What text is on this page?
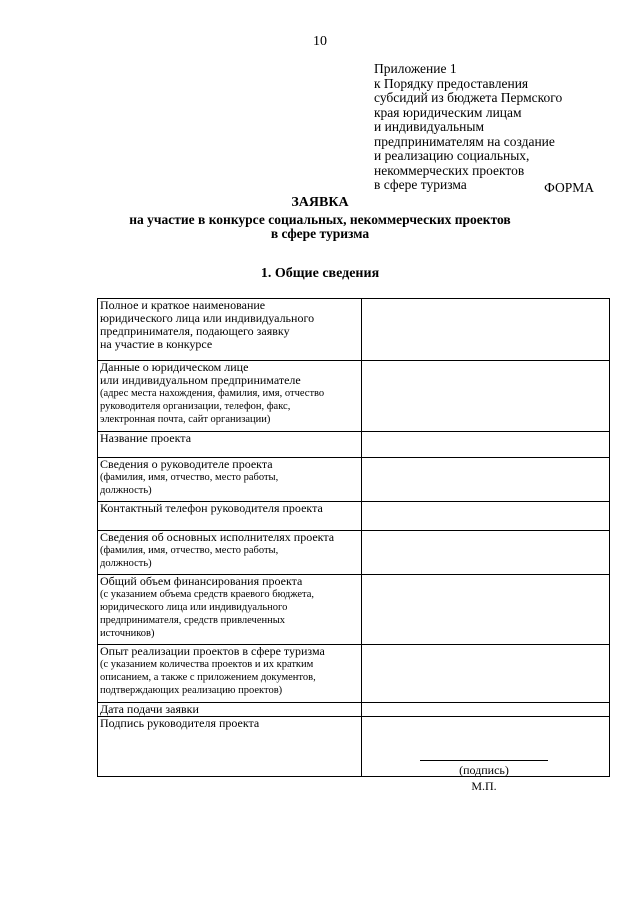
10
Приложение 1
к Порядку предоставления
субсидий из бюджета Пермского
края юридическим лицам
и индивидуальным
предпринимателям на создание
и реализацию социальных,
некоммерческих проектов
в сфере туризма	ФОРМА
ЗАЯВКА
на участие в конкурсе социальных, некоммерческих проектов
в сфере туризма
1. Общие сведения
Полное и краткое наименование
юридического лица или индивидуального
предпринимателя, подающего заявку
на участие в конкурсе	

Данные о юридическом лице
или индивидуальном предпринимателе
(адрес места нахождения, фамилия, имя, отчество
руководителя организации, телефон, факс,
электронная почта, сайт организации)	

Название проекта	

Сведения о руководителе проекта
(фамилия, имя, отчество, место работы,
должность)	

Контактный телефон руководителя проекта	

Сведения об основных исполнителях проекта
(фамилия, имя, отчество, место работы,
должность)	

Общий объем финансирования проекта
(с указанием объема средств краевого бюджета,
юридического лица или индивидуального
предпринимателя, средств привлеченных
источников)	

Опыт реализации проектов в сфере туризма
(с указанием количества проектов и их кратким
описанием, а также с приложением документов,
подтверждающих реализацию проектов)	

Дата подачи заявки	

Подпись руководителя проекта	(подпись)
М.П.
